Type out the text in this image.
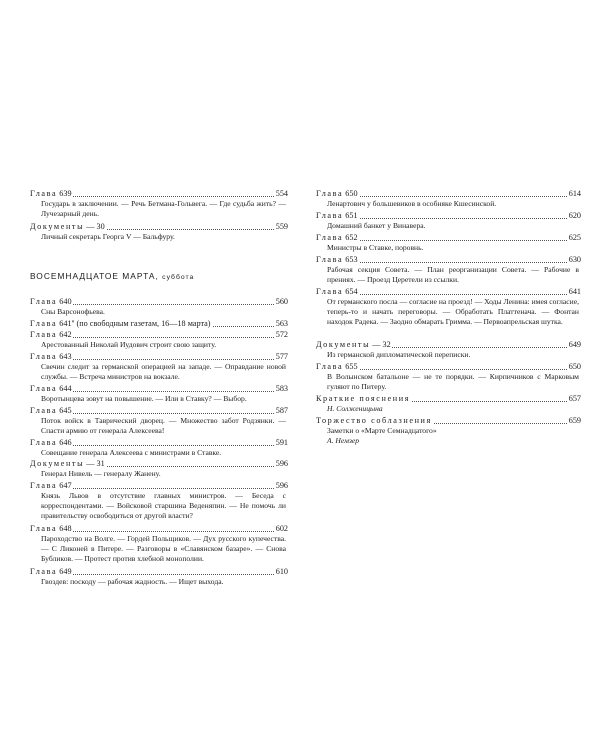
Глава 639	554
Государь в заключении. — Речь Бетмана-Гольвега. — Где судьба жить? — Лучезарный день.
Документы — 30	559
Личный секретарь Георга V — Бальфуру.
ВОСЕМНАДЦАТОЕ МАРТА, суббота
Глава 640	560
Сны Варсонофьева.
Глава 641'' (по свободным газетам, 16—18 марта)	563
Глава 642	572
Арестованный Николай Иудович строит свою защиту.
Глава 643	577
Свечин следит за германской операцией на западе. — Оправдание новой службы. — Встреча министров на вокзале.
Глава 644	583
Воротынцева зовут на повышение. — Или в Ставку? — Выбор.
Глава 645	587
Поток войск в Таврический дворец. — Множество забот Родзянки. — Спасти армию от генерала Алексеева!
Глава 646	591
Совещание генерала Алексеева с министрами в Ставке.
Документы — 31	596
Генерал Нивель — генералу Жанену.
Глава 647	596
Князь Львов в отсутствие главных министров. — Беседа с корреспондентами. — Войсковой старшина Веденяпин. — Не помочь ли правительству освободиться от другой власти?
Глава 648	602
Пароходство на Волге. — Гордей Польщиков. — Дух русского купечества. — С Ликоней в Питере. — Разговоры в «Славянском базаре». — Снова Бубликов. — Протест против хлебной монополии.
Глава 649	610
Гвоздев: поскоду — рабочая жадность. — Ищет выхода.
Глава 650	614
Ленартович у большевиков в особняке Кшесинской.
Глава 651	620
Домашний банкет у Винавера.
Глава 652	625
Министры в Ставке, поровнь.
Глава 653	630
Рабочая секция Совета. — План реорганизации Совета. — Рабочие в прениях. — Проезд Церетели из ссылки.
Глава 654	641
От германского посла — согласие на проезд! — Ходы Ленина: имея согласие, теперь-то и начать переговоры. — Обработать Платтенача. — Фонтан находок Радека. — Заодно обмарать Гримма. — Первоапрельская шутка.
Документы — 32	649
Из германской дипломатической переписки.
Глава 655	650
В Волынском батальоне — не те порядки. — Кирпичников с Марковым гуляют по Питеру.
Краткие пояснения	657
Н. Солженицына
Торжество соблазнения	659
Заметки о «Марте Семнадцатого»
А. Немзер
